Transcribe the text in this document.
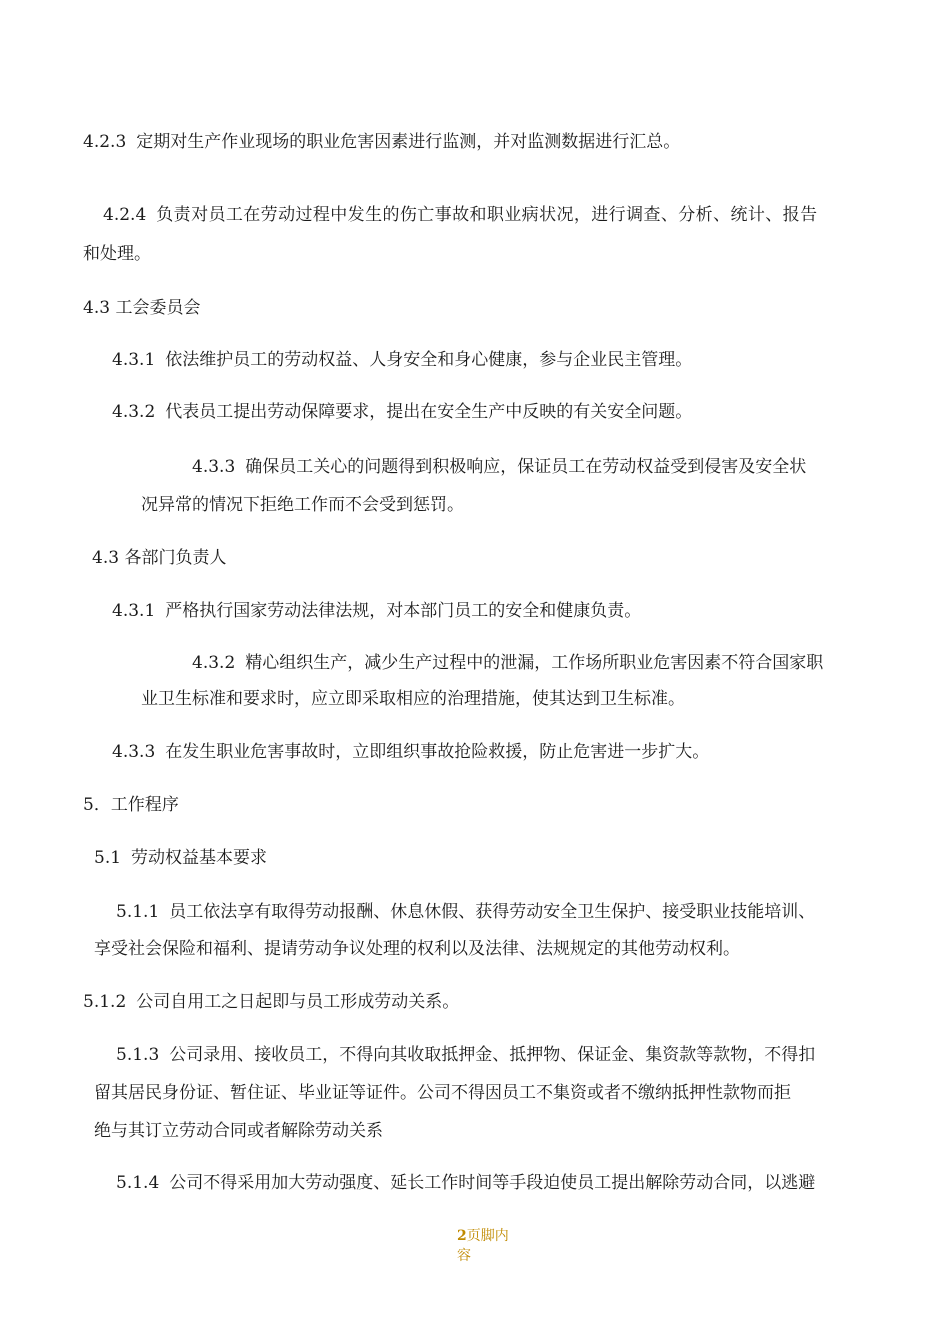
4.2.3 定期对生产作业现场的职业危害因素进行监测，并对监测数据进行汇总。
4.2.4 负责对员工在劳动过程中发生的伤亡事故和职业病状况，进行调查、分析、统计、报告
和处理。
4.3 工会委员会
4.3.1 依法维护员工的劳动权益、人身安全和身心健康，参与企业民主管理。
4.3.2 代表员工提出劳动保障要求，提出在安全生产中反映的有关安全问题。
4.3.3 确保员工关心的问题得到积极响应，保证员工在劳动权益受到侵害及安全状
况异常的情况下拒绝工作而不会受到惩罚。
4.3 各部门负责人
4.3.1 严格执行国家劳动法律法规，对本部门员工的安全和健康负责。
4.3.2 精心组织生产，减少生产过程中的泄漏，工作场所职业危害因素不符合国家职
业卫生标准和要求时，应立即采取相应的治理措施，使其达到卫生标准。
4.3.3 在发生职业危害事故时，立即组织事故抢险救援，防止危害进一步扩大。
5．工作程序
5.1 劳动权益基本要求
5.1.1 员工依法享有取得劳动报酬、休息休假、获得劳动安全卫生保护、接受职业技能培训、
享受社会保险和福利、提请劳动争议处理的权利以及法律、法规规定的其他劳动权利。
5.1.2 公司自用工之日起即与员工形成劳动关系。
5.1.3 公司录用、接收员工，不得向其收取抵押金、抵押物、保证金、集资款等款物，不得扣
留其居民身份证、暂住证、毕业证等证件。公司不得因员工不集资或者不缴纳抵押性款物而拒
绝与其订立劳动合同或者解除劳动关系
5.1.4 公司不得采用加大劳动强度、延长工作时间等手段迫使员工提出解除劳动合同，以逃避
2页脚内容
